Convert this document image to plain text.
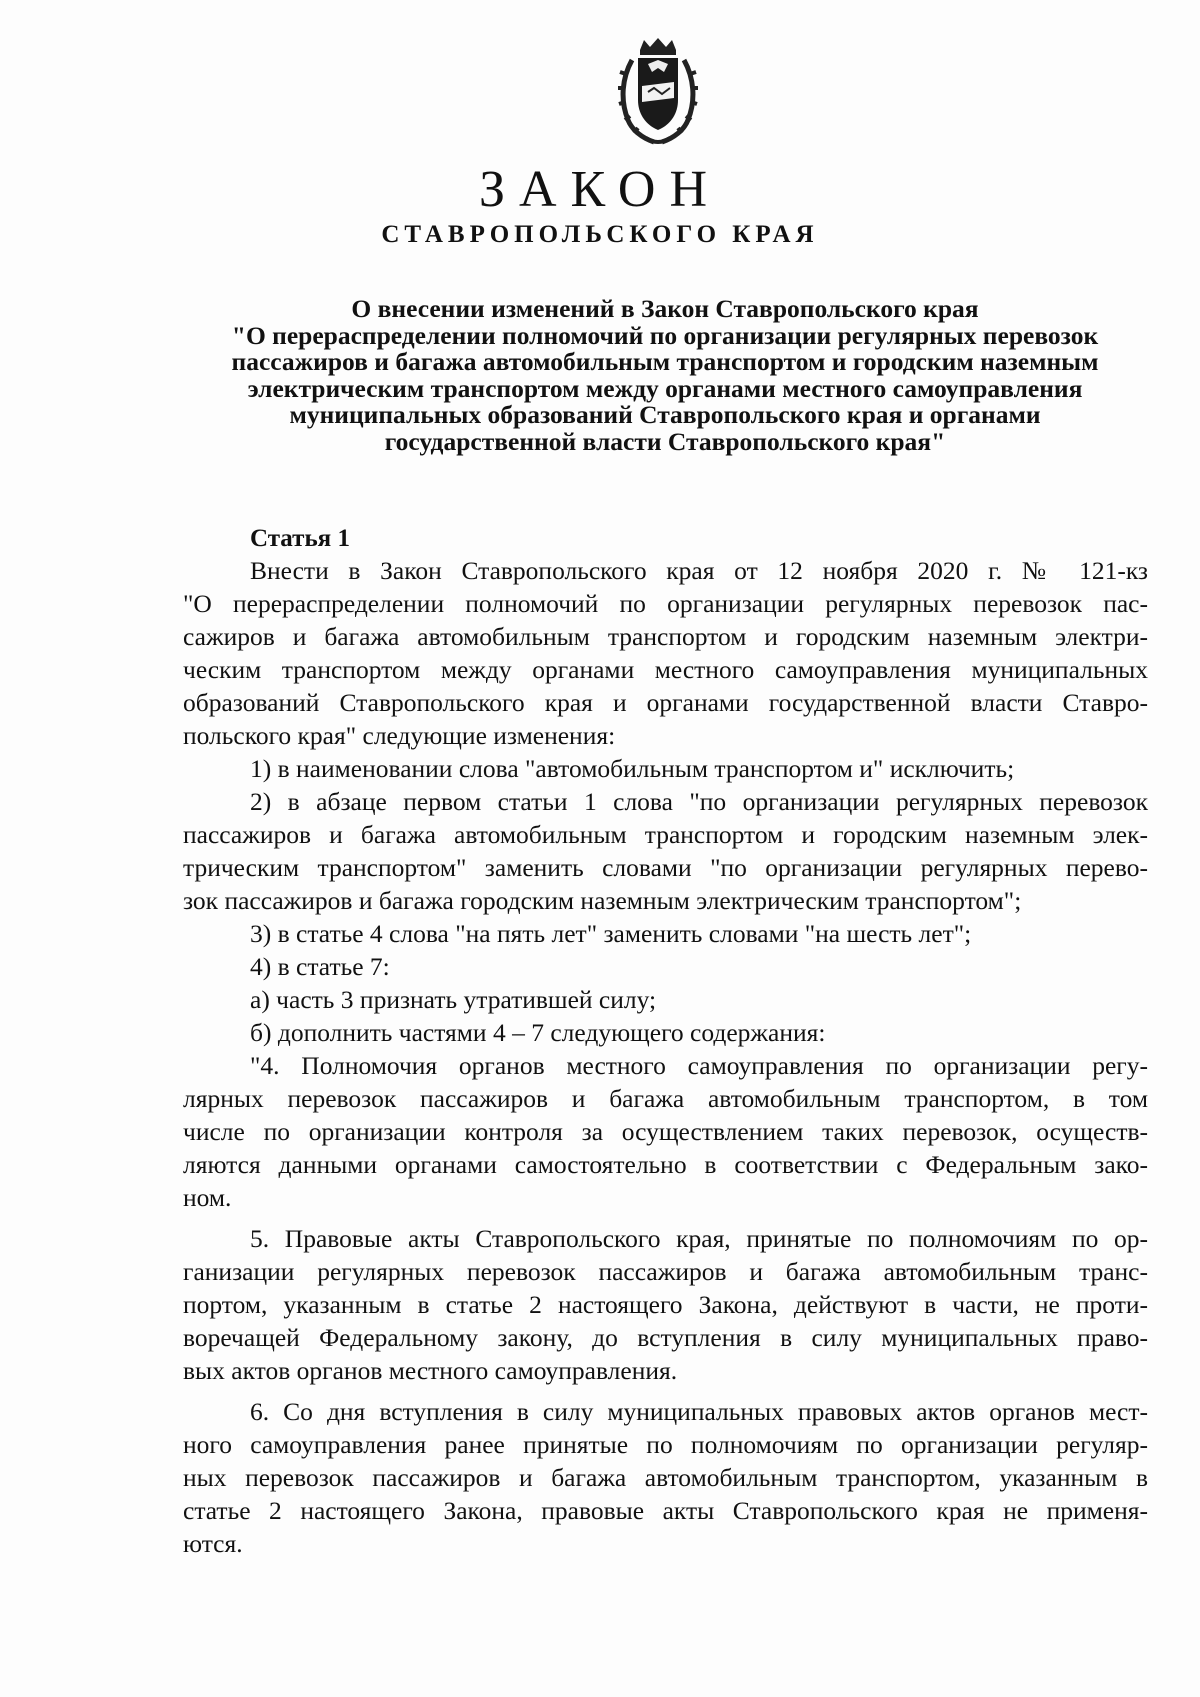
ЗАКОН
СТАВРОПОЛЬСКОГО КРАЯ
О внесении изменений в Закон Ставропольского края
"О перераспределении полномочий по организации регулярных перевозок
пассажиров и багажа автомобильным транспортом и городским наземным
электрическим транспортом между органами местного самоуправления
муниципальных образований Ставропольского края и органами
государственной власти Ставропольского края"
Статья 1
Внести в Закон Ставропольского края от 12 ноября 2020 г. № 121-кз
"О перераспределении полномочий по организации регулярных перевозок пас-
сажиров и багажа автомобильным транспортом и городским наземным электри-
ческим транспортом между органами местного самоуправления муниципальных
образований Ставропольского края и органами государственной власти Ставро-
польского края" следующие изменения:
1) в наименовании слова "автомобильным транспортом и" исключить;
2) в абзаце первом статьи 1 слова "по организации регулярных перевозок
пассажиров и багажа автомобильным транспортом и городским наземным элек-
трическим транспортом" заменить словами "по организации регулярных перево-
зок пассажиров и багажа городским наземным электрическим транспортом";
3) в статье 4 слова "на пять лет" заменить словами "на шесть лет";
4) в статье 7:
а) часть 3 признать утратившей силу;
б) дополнить частями 4 – 7 следующего содержания:
"4. Полномочия органов местного самоуправления по организации регу-
лярных перевозок пассажиров и багажа автомобильным транспортом, в том
числе по организации контроля за осуществлением таких перевозок, осуществ-
ляются данными органами самостоятельно в соответствии с Федеральным зако-
ном.
5. Правовые акты Ставропольского края, принятые по полномочиям по ор-
ганизации регулярных перевозок пассажиров и багажа автомобильным транс-
портом, указанным в статье 2 настоящего Закона, действуют в части, не проти-
воречащей Федеральному закону, до вступления в силу муниципальных право-
вых актов органов местного самоуправления.
6. Со дня вступления в силу муниципальных правовых актов органов мест-
ного самоуправления ранее принятые по полномочиям по организации регуляр-
ных перевозок пассажиров и багажа автомобильным транспортом, указанным в
статье 2 настоящего Закона, правовые акты Ставропольского края не применя-
ются.
